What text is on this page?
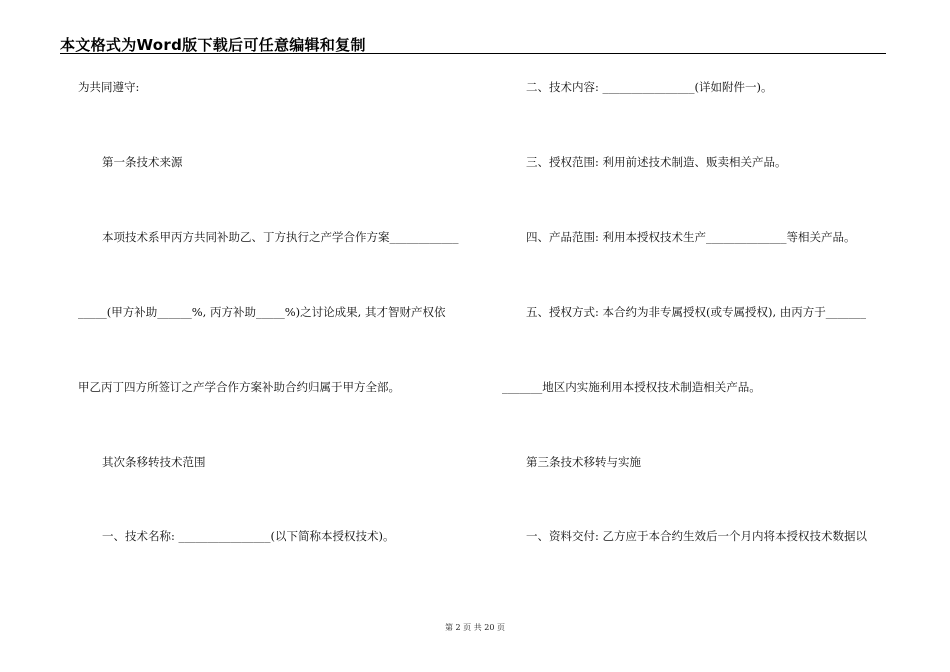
本文格式为Word版下载后可任意编辑和复制
为共同遵守:
第一条技术来源
本项技术系甲丙方共同补助乙、丁方执行之产学合作方案____________
_____(甲方补助______%, 丙方补助_____%)之讨论成果, 其才智财产权依
甲乙丙丁四方所签订之产学合作方案补助合约归属于甲方全部。
其次条移转技术范围
一、技术名称: ________________(以下简称本授权技术)。
二、技术内容: ________________(详如附件一)。
三、授权范围: 利用前述技术制造、贩卖相关产品。
四、产品范围: 利用本授权技术生产______________等相关产品。
五、授权方式: 本合约为非专属授权(或专属授权), 由丙方于_______
_______地区内实施利用本授权技术制造相关产品。
第三条技术移转与实施
一、资料交付: 乙方应于本合约生效后一个月内将本授权技术数据以
第 2 页 共 20 页
